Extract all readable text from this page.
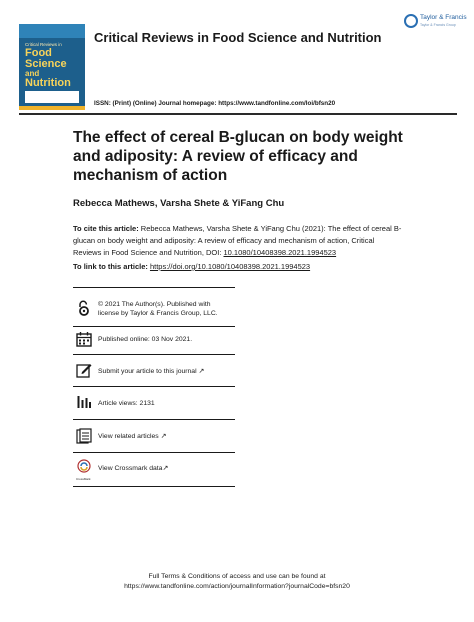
Critical Reviews in
Food
Science
and
Nutrition
Critical Reviews in Food Science and Nutrition
Taylor & Francis
Taylor & Francis Group
ISSN: (Print) (Online) Journal homepage: https://www.tandfonline.com/loi/bfsn20
The effect of cereal Β-glucan on body weight and adiposity: A review of efficacy and mechanism of action
Rebecca Mathews, Varsha Shete & YiFang Chu
To cite this article: Rebecca Mathews, Varsha Shete & YiFang Chu (2021): The effect of cereal Β-glucan on body weight and adiposity: A review of efficacy and mechanism of action, Critical Reviews in Food Science and Nutrition, DOI: 10.1080/10408398.2021.1994523
To link to this article: https://doi.org/10.1080/10408398.2021.1994523
© 2021 The Author(s). Published with
license by Taylor & Francis Group, LLC.
Published online: 03 Nov 2021.
Submit your article to this journal ↗
Article views: 2131
View related articles ↗
CrossMark
View Crossmark data↗
Full Terms & Conditions of access and use can be found at
https://www.tandfonline.com/action/journalInformation?journalCode=bfsn20
